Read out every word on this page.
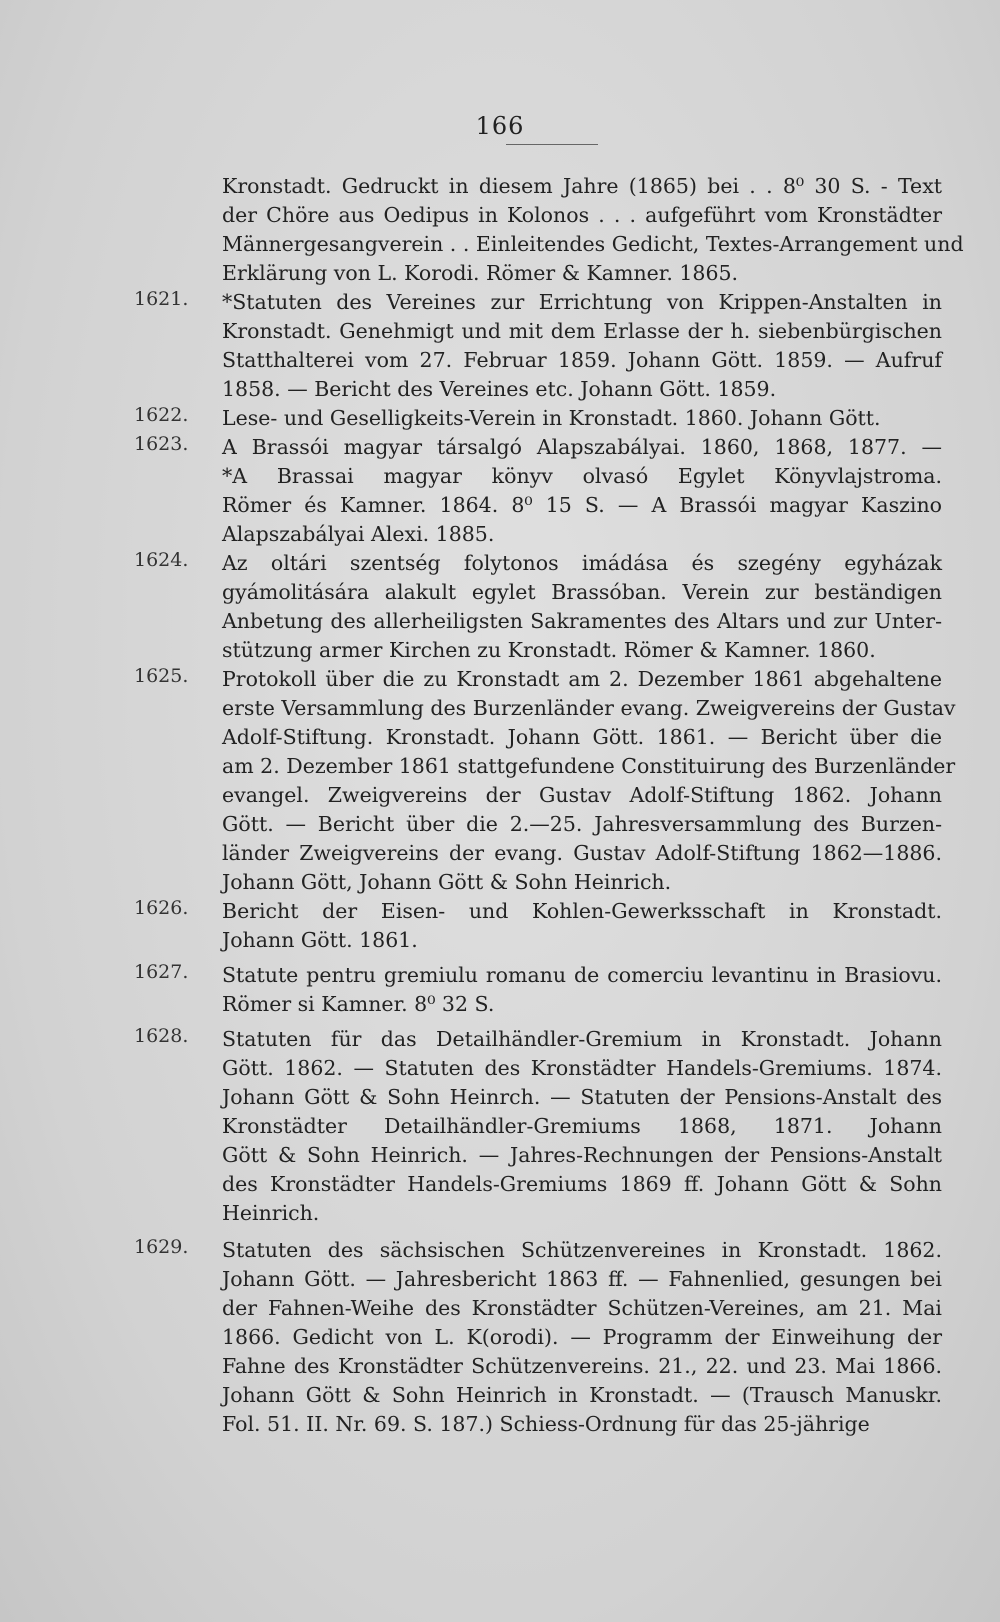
166
Kronstadt. Gedruckt in diesem Jahre (1865) bei . . 8⁰ 30 S. - Text
der Chöre aus Oedipus in Kolonos . . . aufgeführt vom Kronstädter
Männergesangverein . . Einleitendes Gedicht, Textes-Arrangement und
Erklärung von L. Korodi. Römer & Kamner. 1865.
1621.	*Statuten des Vereines zur Errichtung von Krippen-Anstalten in
Kronstadt. Genehmigt und mit dem Erlasse der h. siebenbürgischen
Statthalterei vom 27. Februar 1859. Johann Gött. 1859. — Aufruf
1858. — Bericht des Vereines etc. Johann Gött. 1859.
1622.	Lese- und Geselligkeits-Verein in Kronstadt. 1860. Johann Gött.
1623.	A Brassói magyar társalgó Alapszabályai. 1860, 1868, 1877. —
*A Brassai magyar könyv olvasó Egylet Könyvlajstroma.
Römer és Kamner. 1864. 8⁰ 15 S. — A Brassói magyar Kaszino
Alapszabályai Alexi. 1885.
1624.	Az oltári szentség folytonos imádása és szegény egyházak
gyámolitására alakult egylet Brassóban. Verein zur beständigen
Anbetung des allerheiligsten Sakramentes des Altars und zur Unter-
stützung armer Kirchen zu Kronstadt. Römer & Kamner. 1860.
1625.	Protokoll über die zu Kronstadt am 2. Dezember 1861 abgehaltene
erste Versammlung des Burzenländer evang. Zweigvereins der Gustav
Adolf-Stiftung. Kronstadt. Johann Gött. 1861. — Bericht über die
am 2. Dezember 1861 stattgefundene Constituirung des Burzenländer
evangel. Zweigvereins der Gustav Adolf-Stiftung 1862. Johann
Gött. — Bericht über die 2.—25. Jahresversammlung des Burzen-
länder Zweigvereins der evang. Gustav Adolf-Stiftung 1862—1886.
Johann Gött, Johann Gött & Sohn Heinrich.
1626.	Bericht der Eisen- und Kohlen-Gewerksschaft in Kronstadt.
Johann Gött. 1861.
1627.	Statute pentru gremiulu romanu de comerciu levantinu in Brasiovu.
Römer si Kamner. 8⁰ 32 S.
1628.	Statuten für das Detailhändler-Gremium in Kronstadt. Johann
Gött. 1862. — Statuten des Kronstädter Handels-Gremiums. 1874.
Johann Gött & Sohn Heinrch. — Statuten der Pensions-Anstalt des
Kronstädter Detailhändler-Gremiums 1868, 1871. Johann
Gött & Sohn Heinrich. — Jahres-Rechnungen der Pensions-Anstalt
des Kronstädter Handels-Gremiums 1869 ff. Johann Gött & Sohn
Heinrich.
1629.	Statuten des sächsischen Schützenvereines in Kronstadt. 1862.
Johann Gött. — Jahresbericht 1863 ff. — Fahnenlied, gesungen bei
der Fahnen-Weihe des Kronstädter Schützen-Vereines, am 21. Mai
1866. Gedicht von L. K(orodi). — Programm der Einweihung der
Fahne des Kronstädter Schützenvereins. 21., 22. und 23. Mai 1866.
Johann Gött & Sohn Heinrich in Kronstadt. — (Trausch Manuskr.
Fol. 51. II. Nr. 69. S. 187.) Schiess-Ordnung für das 25-jährige
